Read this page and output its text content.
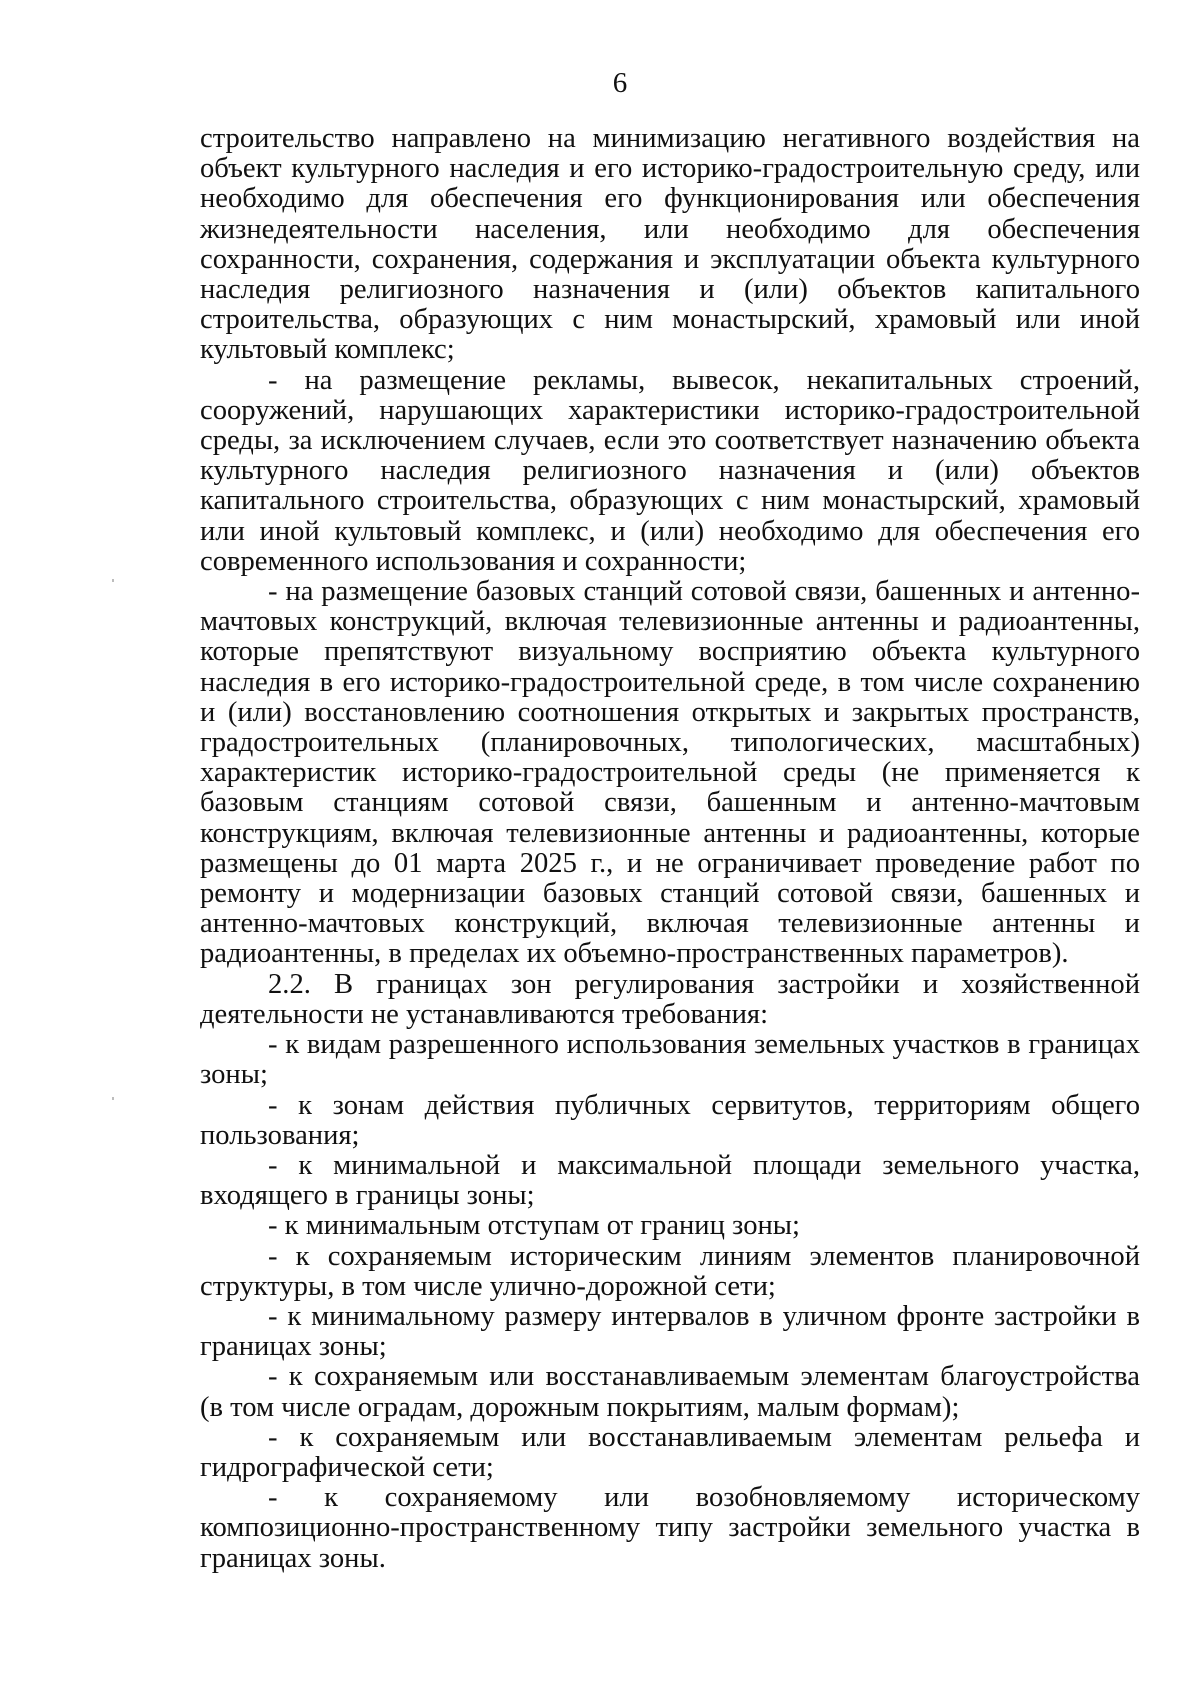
6

строительство направлено на минимизацию негативного воздействия на объект культурного наследия и его историко-градостроительную среду, или необходимо для обеспечения его функционирования или обеспечения жизнедеятельности населения, или необходимо для обеспечения сохранности, сохранения, содержания и эксплуатации объекта культурного наследия религиозного назначения и (или) объектов капитального строительства, образующих с ним монастырский, храмовый или иной культовый комплекс;

- на размещение рекламы, вывесок, некапитальных строений, сооружений, нарушающих характеристики историко-градостроительной среды, за исключением случаев, если это соответствует назначению объекта культурного наследия религиозного назначения и (или) объектов капитального строительства, образующих с ним монастырский, храмовый или иной культовый комплекс, и (или) необходимо для обеспечения его современного использования и сохранности;

- на размещение базовых станций сотовой связи, башенных и антенно-мачтовых конструкций, включая телевизионные антенны и радиоантенны, которые препятствуют визуальному восприятию объекта культурного наследия в его историко-градостроительной среде, в том числе сохранению и (или) восстановлению соотношения открытых и закрытых пространств, градостроительных (планировочных, типологических, масштабных) характеристик историко-градостроительной среды (не применяется к базовым станциям сотовой связи, башенным и антенно-мачтовым конструкциям, включая телевизионные антенны и радиоантенны, которые размещены до 01 марта 2025 г., и не ограничивает проведение работ по ремонту и модернизации базовых станций сотовой связи, башенных и антенно-мачтовых конструкций, включая телевизионные антенны и радиоантенны, в пределах их объемно-пространственных параметров).

2.2. В границах зон регулирования застройки и хозяйственной деятельности не устанавливаются требования:

- к видам разрешенного использования земельных участков в границах зоны;

- к зонам действия публичных сервитутов, территориям общего пользования;

- к минимальной и максимальной площади земельного участка, входящего в границы зоны;

- к минимальным отступам от границ зоны;

- к сохраняемым историческим линиям элементов планировочной структуры, в том числе улично-дорожной сети;

- к минимальному размеру интервалов в уличном фронте застройки в границах зоны;

- к сохраняемым или восстанавливаемым элементам благоустройства (в том числе оградам, дорожным покрытиям, малым формам);

- к сохраняемым или восстанавливаемым элементам рельефа и гидрографической сети;

- к сохраняемому или возобновляемому историческому композиционно-пространственному типу застройки земельного участка в границах зоны.
